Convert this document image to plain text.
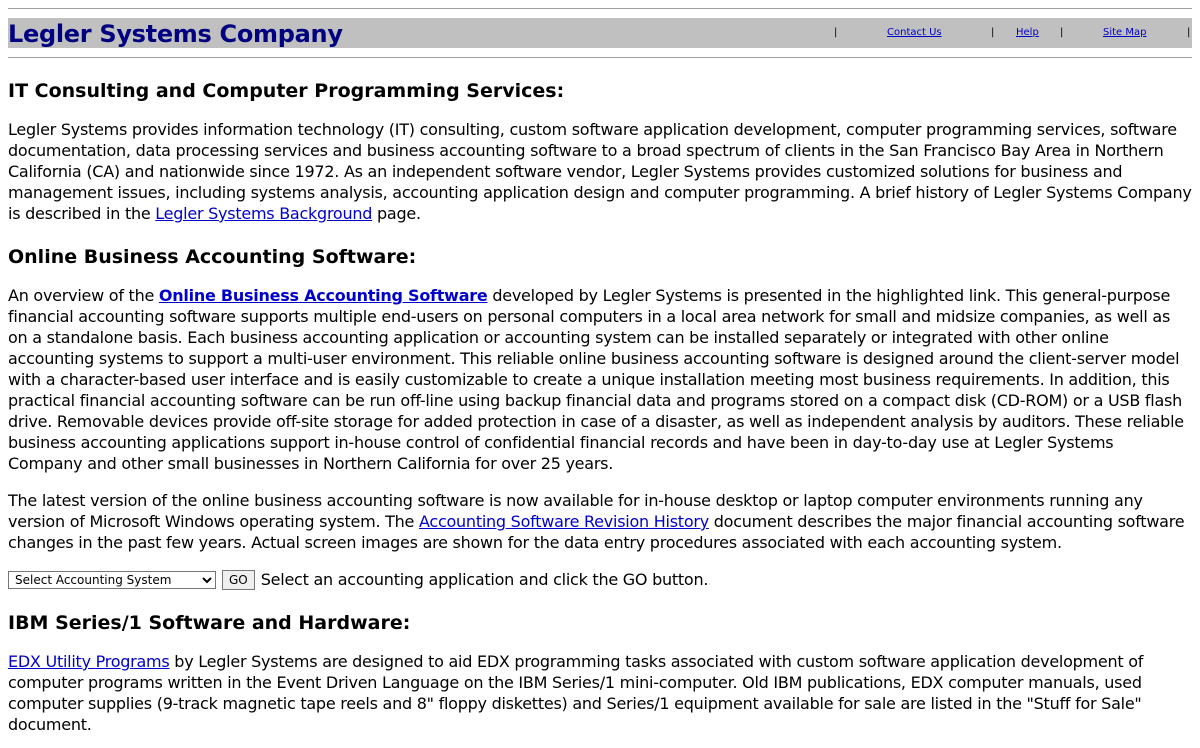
Legler Systems Company	|	Contact Us	| Help |	Site Map	|
IT Consulting and Computer Programming Services:

Legler Systems provides information technology (IT) consulting, custom software application development, computer programming services, software documentation, data processing services and business accounting software to a broad spectrum of clients in the San Francisco Bay Area in Northern California (CA) and nationwide since 1972. As an independent software vendor, Legler Systems provides customized solutions for business and management issues, including systems analysis, accounting application design and computer programming. A brief history of Legler Systems Company is described in the Legler Systems Background page.

Online Business Accounting Software:

An overview of the Online Business Accounting Software developed by Legler Systems is presented in the highlighted link. This general-purpose financial accounting software supports multiple end-users on personal computers in a local area network for small and midsize companies, as well as on a standalone basis. Each business accounting application or accounting system can be installed separately or integrated with other online accounting systems to support a multi-user environment. This reliable online business accounting software is designed around the client-server model with a character-based user interface and is easily customizable to create a unique installation meeting most business requirements. In addition, this practical financial accounting software can be run off-line using backup financial data and programs stored on a compact disk (CD-ROM) or a USB flash drive. Removable devices provide off-site storage for added protection in case of a disaster, as well as independent analysis by auditors. These reliable business accounting applications support in-house control of confidential financial records and have been in day-to-day use at Legler Systems Company and other small businesses in Northern California for over 25 years.

The latest version of the online business accounting software is now available for in-house desktop or laptop computer environments running any version of Microsoft Windows operating system. The Accounting Software Revision History document describes the major financial accounting software changes in the past few years. Actual screen images are shown for the data entry procedures associated with each accounting system.

Select Accounting System
GO Select an accounting application and click the GO button.
IBM Series/1 Software and Hardware:

EDX Utility Programs by Legler Systems are designed to aid EDX programming tasks associated with custom software application development of computer programs written in the Event Driven Language on the IBM Series/1 mini-computer. Old IBM publications, EDX computer manuals, used computer supplies (9-track magnetic tape reels and 8" floppy diskettes) and Series/1 equipment available for sale are listed in the "Stuff for Sale" document.
